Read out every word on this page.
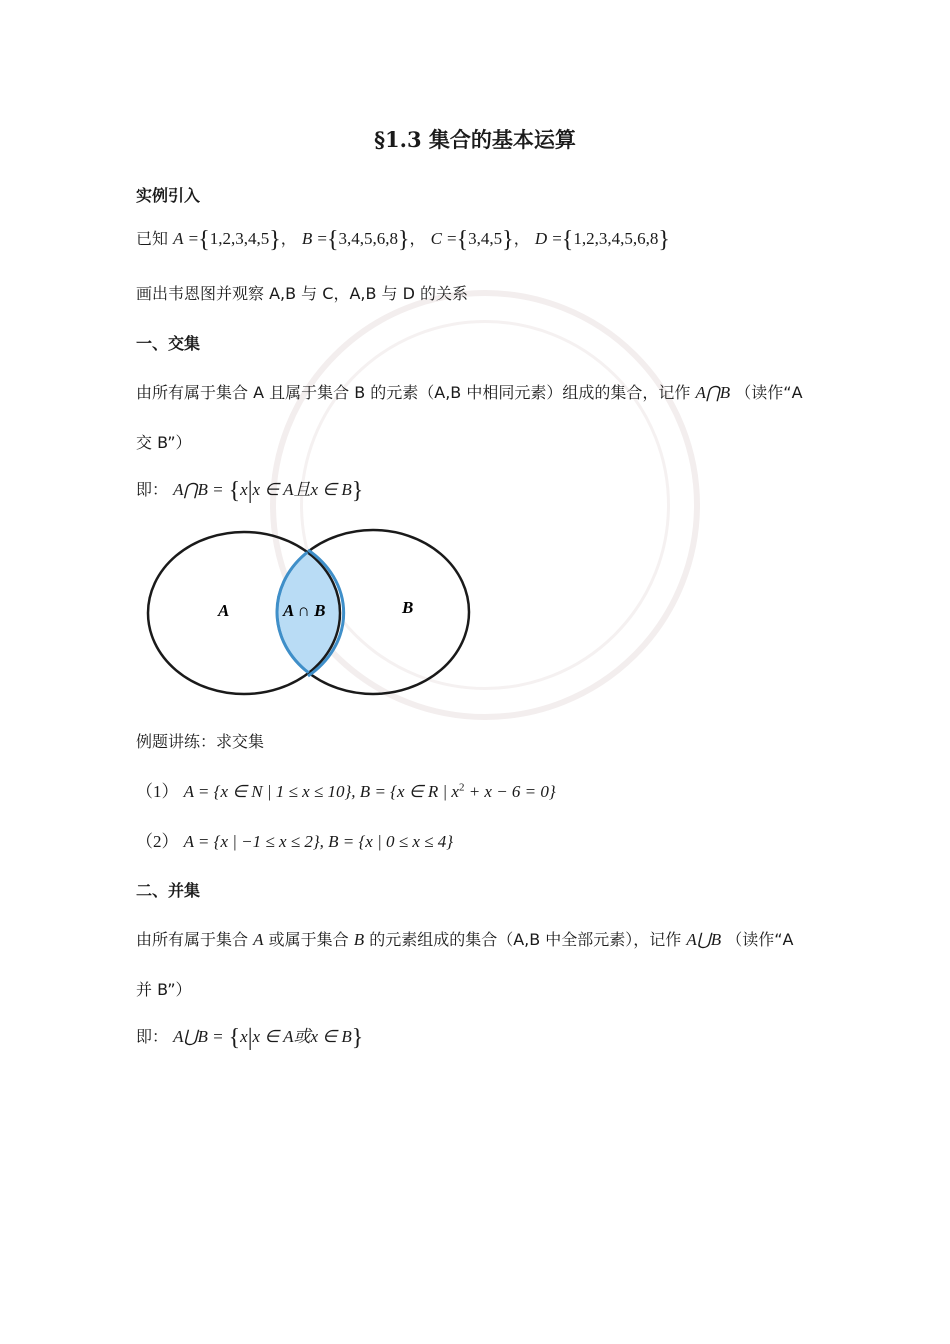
§1.3 集合的基本运算
实例引入
已知 A ={1,2,3,4,5}， B ={3,4,5,6,8}， C ={3,4,5}， D ={1,2,3,4,5,6,8}
画出韦恩图并观察 A,B 与 C，A,B 与 D 的关系
一、交集
由所有属于集合 A 且属于集合 B 的元素（A,B 中相同元素）组成的集合，记作 A⋂B （读作“A
交 B”）
即： A⋂B = {x|x ∈ A且x ∈ B}
A	A ∩ B	B
例题讲练：求交集
（1） A = {x ∈ N | 1 ≤ x ≤ 10}, B = {x ∈ R | $x^2 + x - 6 = 0$}
（2） A = {x | −1 ≤ x ≤ 2}, B = {x | 0 ≤ x ≤ 4}
二、并集
由所有属于集合 A 或属于集合 B 的元素组成的集合（A,B 中全部元素），记作 A⋃B （读作“A
并 B”）
即： A⋃B = {x|x ∈ A或x ∈ B}
